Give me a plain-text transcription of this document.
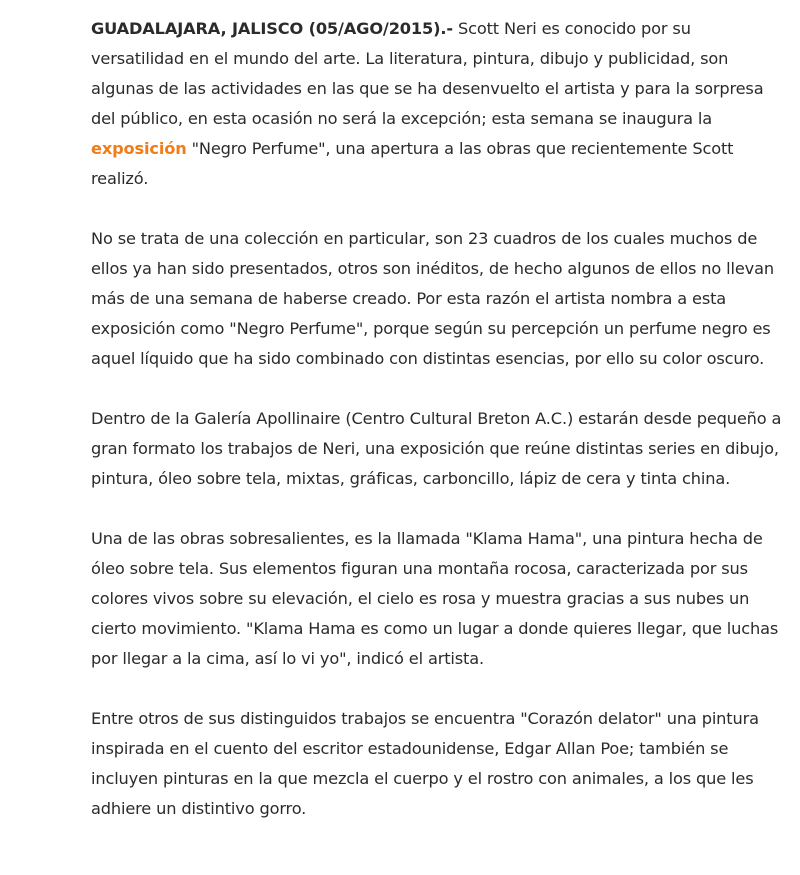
GUADALAJARA, JALISCO (05/AGO/2015).- Scott Neri es conocido por su versatilidad en el mundo del arte. La literatura, pintura, dibujo y publicidad, son algunas de las actividades en las que se ha desenvuelto el artista y para la sorpresa del público, en esta ocasión no será la excepción; esta semana se inaugura la exposición "Negro Perfume", una apertura a las obras que recientemente Scott realizó.

No se trata de una colección en particular, son 23 cuadros de los cuales muchos de ellos ya han sido presentados, otros son inéditos, de hecho algunos de ellos no llevan más de una semana de haberse creado. Por esta razón el artista nombra a esta exposición como "Negro Perfume", porque según su percepción un perfume negro es aquel líquido que ha sido combinado con distintas esencias, por ello su color oscuro.

Dentro de la Galería Apollinaire (Centro Cultural Breton A.C.) estarán desde pequeño a gran formato los trabajos de Neri, una exposición que reúne distintas series en dibujo, pintura, óleo sobre tela, mixtas, gráficas, carboncillo, lápiz de cera y tinta china.

Una de las obras sobresalientes, es la llamada "Klama Hama", una pintura hecha de óleo sobre tela. Sus elementos figuran una montaña rocosa, caracterizada por sus colores vivos sobre su elevación, el cielo es rosa y muestra gracias a sus nubes un cierto movimiento. "Klama Hama es como un lugar a donde quieres llegar, que luchas por llegar a la cima, así lo vi yo", indicó el artista.

Entre otros de sus distinguidos trabajos se encuentra "Corazón delator" una pintura inspirada en el cuento del escritor estadounidense, Edgar Allan Poe; también se incluyen pinturas en la que mezcla el cuerpo y el rostro con animales, a los que les adhiere un distintivo gorro.
